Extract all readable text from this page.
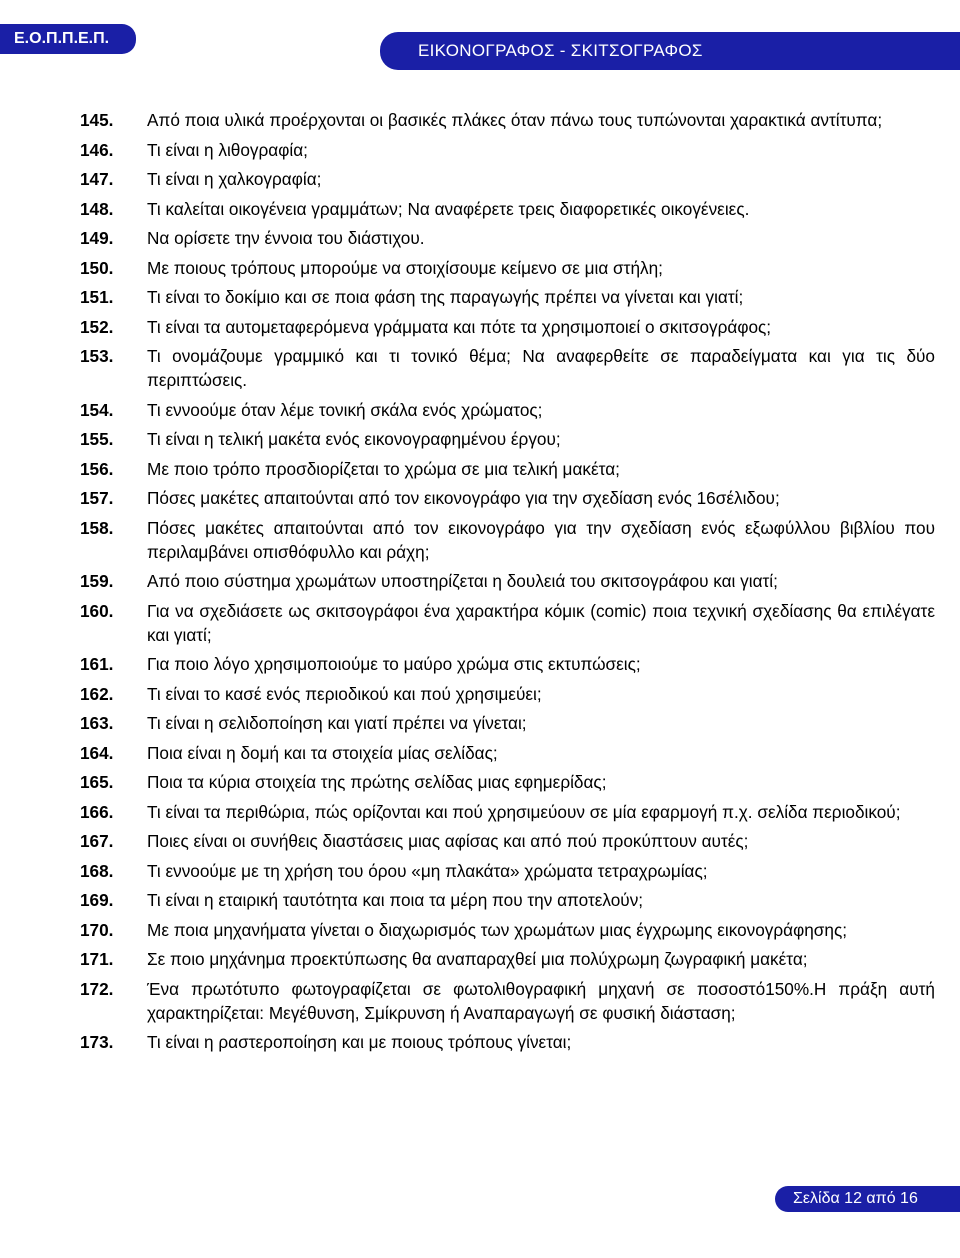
Ε.Ο.Π.Π.Ε.Π.
ΕΙΚΟΝΟΓΡΑΦΟΣ - ΣΚΙΤΣΟΓΡΑΦΟΣ
145.	Από ποια υλικά προέρχονται οι βασικές πλάκες όταν πάνω τους τυπώνονται χαρακτικά αντίτυπα;
146.	Τι είναι η λιθογραφία;
147.	Τι είναι η χαλκογραφία;
148.	Τι καλείται οικογένεια γραμμάτων; Να αναφέρετε τρεις διαφορετικές οικογένειες.
149.	Να ορίσετε την έννοια του διάστιχου.
150.	Με ποιους τρόπους μπορούμε να στοιχίσουμε κείμενο σε μια στήλη;
151.	Τι είναι το δοκίμιο και σε ποια φάση της παραγωγής πρέπει να γίνεται και γιατί;
152.	Τι είναι τα αυτομεταφερόμενα γράμματα και πότε τα χρησιμοποιεί ο σκιτσογράφος;
153.	Τι ονομάζουμε γραμμικό και τι τονικό θέμα; Να αναφερθείτε σε παραδείγματα και για τις δύο περιπτώσεις.
154.	Τι εννοούμε όταν λέμε τονική σκάλα ενός χρώματος;
155.	Τι είναι η τελική μακέτα ενός εικονογραφημένου έργου;
156.	Με ποιο τρόπο προσδιορίζεται το χρώμα σε μια τελική μακέτα;
157.	Πόσες μακέτες απαιτούνται από τον εικονογράφο για την σχεδίαση ενός 16σέλιδου;
158.	Πόσες μακέτες απαιτούνται από τον εικονογράφο για την σχεδίαση ενός εξωφύλλου βιβλίου που περιλαμβάνει οπισθόφυλλο και ράχη;
159.	Από ποιο σύστημα χρωμάτων υποστηρίζεται η δουλειά του σκιτσογράφου και γιατί;
160.	Για να σχεδιάσετε ως σκιτσογράφοι ένα χαρακτήρα κόμικ (comic) ποια τεχνική σχεδίασης θα επιλέγατε και γιατί;
161.	Για ποιο λόγο χρησιμοποιούμε το μαύρο χρώμα στις εκτυπώσεις;
162.	Τι είναι το κασέ ενός περιοδικού και πού χρησιμεύει;
163.	Τι είναι η σελιδοποίηση και γιατί πρέπει να γίνεται;
164.	Ποια είναι η δομή και τα στοιχεία μίας σελίδας;
165.	Ποια τα κύρια στοιχεία της πρώτης σελίδας μιας εφημερίδας;
166.	Τι είναι τα περιθώρια, πώς ορίζονται και πού χρησιμεύουν σε μία εφαρμογή π.χ. σελίδα περιοδικού;
167.	Ποιες είναι οι συνήθεις διαστάσεις μιας αφίσας και από πού προκύπτουν αυτές;
168.	Τι εννοούμε με τη χρήση του όρου «μη πλακάτα» χρώματα τετραχρωμίας;
169.	Τι είναι η εταιρική ταυτότητα και ποια τα μέρη που την αποτελούν;
170.	Με ποια μηχανήματα γίνεται ο διαχωρισμός των χρωμάτων μιας έγχρωμης εικονογράφησης;
171.	Σε ποιο μηχάνημα προεκτύπωσης θα αναπαραχθεί μια πολύχρωμη ζωγραφική μακέτα;
172.	Ένα πρωτότυπο φωτογραφίζεται σε φωτολιθογραφική μηχανή σε ποσοστό150%.Η πράξη αυτή χαρακτηρίζεται: Μεγέθυνση, Σμίκρυνση ή Αναπαραγωγή σε φυσική διάσταση;
173.	Τι είναι η ραστεροποίηση και με ποιους τρόπους γίνεται;
Σελίδα 12 από 16
